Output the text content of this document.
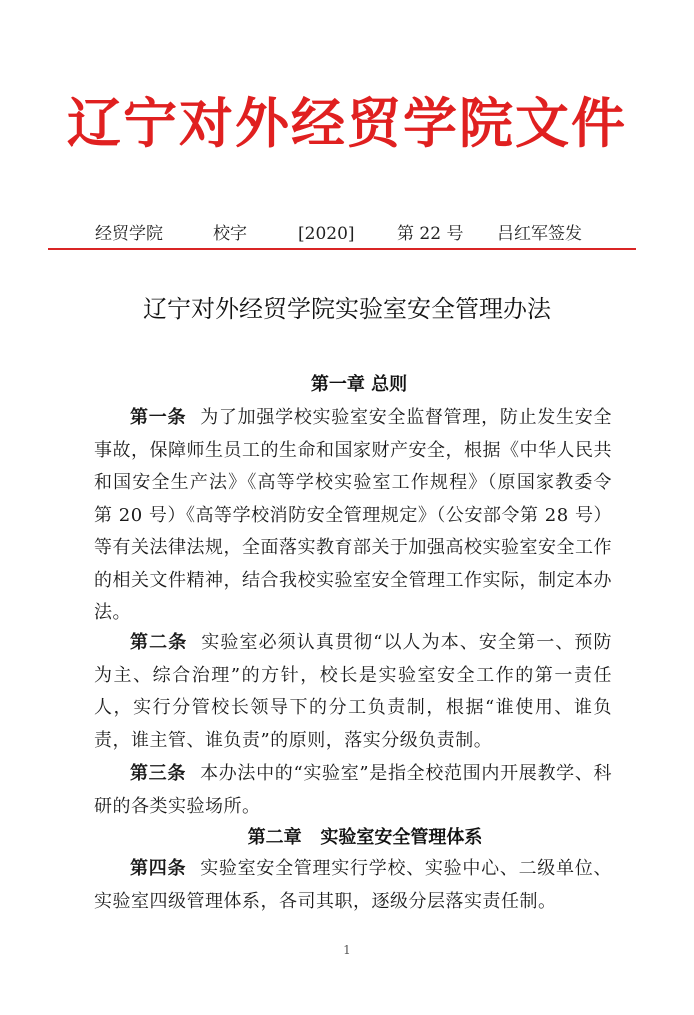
辽宁对外经贸学院文件
经贸学院	校字	[2020] 第 22 号 吕红军签发
辽宁对外经贸学院实验室安全管理办法
第一章 总则

第一条 为了加强学校实验室安全监督管理，防止发生安全事故，保障师生员工的生命和国家财产安全，根据《中华人民共和国安全生产法》《高等学校实验室工作规程》（原国家教委令第 20 号）《高等学校消防安全管理规定》（公安部令第 28 号）等有关法律法规，全面落实教育部关于加强高校实验室安全工作的相关文件精神，结合我校实验室安全管理工作实际，制定本办法。

第二条 实验室必须认真贯彻“以人为本、安全第一、预防为主、综合治理”的方针，校长是实验室安全工作的第一责任人，实行分管校长领导下的分工负责制，根据“谁使用、谁负责，谁主管、谁负责”的原则，落实分级负责制。

第三条 本办法中的“实验室”是指全校范围内开展教学、科研的各类实验场所。

第二章   实验室安全管理体系

第四条 实验室安全管理实行学校、实验中心、二级单位、实验室四级管理体系，各司其职，逐级分层落实责任制。

1
